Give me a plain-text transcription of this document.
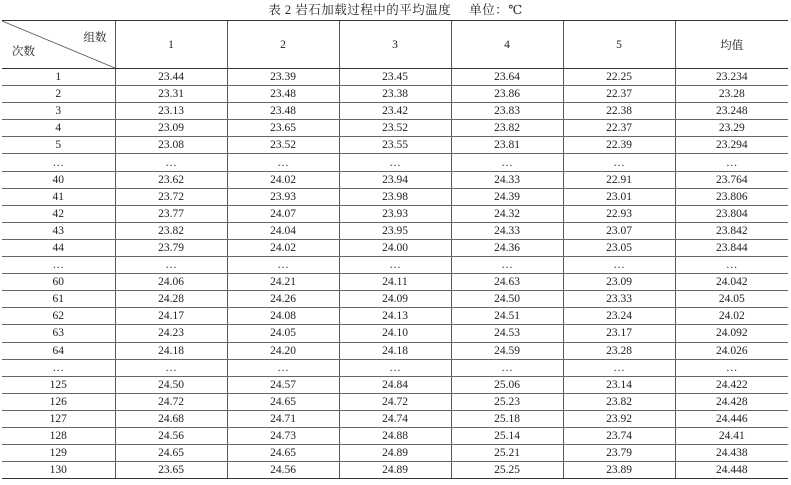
表 2 岩石加载过程中的平均温度 单位：℃
组数
次数	1	2	3	4	5	均值
1	23.44	23.39	23.45	23.64	22.25	23.234
2	23.31	23.48	23.38	23.86	22.37	23.28
3	23.13	23.48	23.42	23.83	22.38	23.248
4	23.09	23.65	23.52	23.82	22.37	23.29
5	23.08	23.52	23.55	23.81	22.39	23.294
…	…	…	…	…	…	…
40	23.62	24.02	23.94	24.33	22.91	23.764
41	23.72	23.93	23.98	24.39	23.01	23.806
42	23.77	24.07	23.93	24.32	22.93	23.804
43	23.82	24.04	23.95	24.33	23.07	23.842
44	23.79	24.02	24.00	24.36	23.05	23.844
…	…	…	…	…	…	…
60	24.06	24.21	24.11	24.63	23.09	24.042
61	24.28	24.26	24.09	24.50	23.33	24.05
62	24.17	24.08	24.13	24.51	23.24	24.02
63	24.23	24.05	24.10	24.53	23.17	24.092
64	24.18	24.20	24.18	24.59	23.28	24.026
…	…	…	…	…	…	…
125	24.50	24.57	24.84	25.06	23.14	24.422
126	24.72	24.65	24.72	25.23	23.82	24.428
127	24.68	24.71	24.74	25.18	23.92	24.446
128	24.56	24.73	24.88	25.14	23.74	24.41
129	24.65	24.65	24.89	25.21	23.79	24.438
130	23.65	24.56	24.89	25.25	23.89	24.448
